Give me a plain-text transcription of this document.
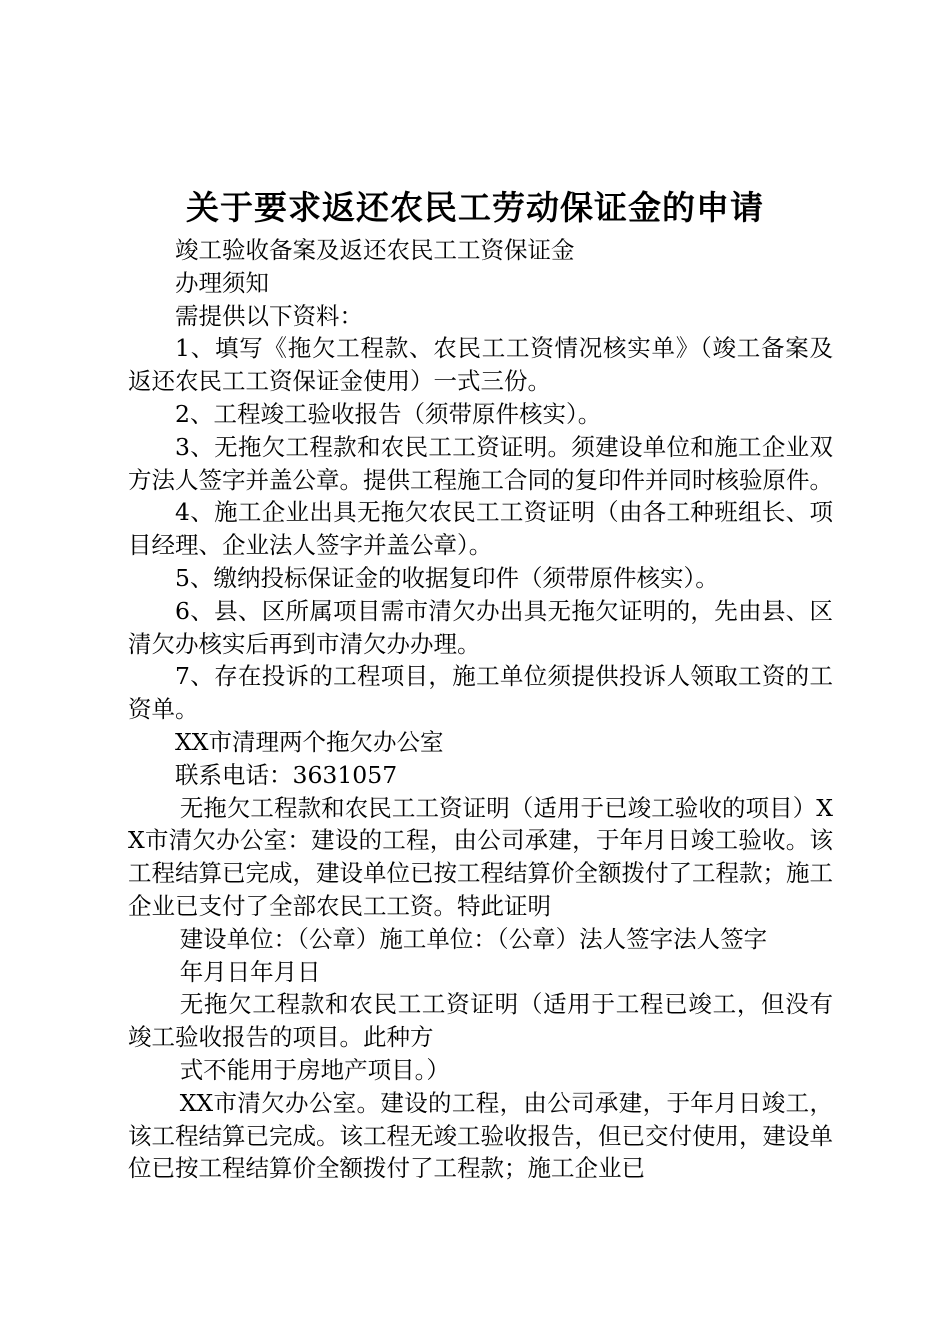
关于要求返还农民工劳动保证金的申请

竣工验收备案及返还农民工工资保证金

办理须知

需提供以下资料：

1、填写《拖欠工程款、农民工工资情况核实单》（竣工备案及返还农民工工资保证金使用）一式三份。

2、工程竣工验收报告（须带原件核实）。

3、无拖欠工程款和农民工工资证明。须建设单位和施工企业双方法人签字并盖公章。提供工程施工合同的复印件并同时核验原件。

4、施工企业出具无拖欠农民工工资证明（由各工种班组长、项目经理、企业法人签字并盖公章）。

5、缴纳投标保证金的收据复印件（须带原件核实）。

6、县、区所属项目需市清欠办出具无拖欠证明的，先由县、区清欠办核实后再到市清欠办办理。

7、存在投诉的工程项目，施工单位须提供投诉人领取工资的工资单。

XX市清理两个拖欠办公室

联系电话：3631057

无拖欠工程款和农民工工资证明（适用于已竣工验收的项目）XX市清欠办公室：建设的工程，由公司承建，于年月日竣工验收。该工程结算已完成，建设单位已按工程结算价全额拨付了工程款；施工企业已支付了全部农民工工资。特此证明

建设单位：（公章）施工单位：（公章）法人签字法人签字

年月日年月日

无拖欠工程款和农民工工资证明（适用于工程已竣工，但没有竣工验收报告的项目。此种方

式不能用于房地产项目。）

XX市清欠办公室。建设的工程，由公司承建，于年月日竣工，该工程结算已完成。该工程无竣工验收报告，但已交付使用，建设单位已按工程结算价全额拨付了工程款；施工企业已
